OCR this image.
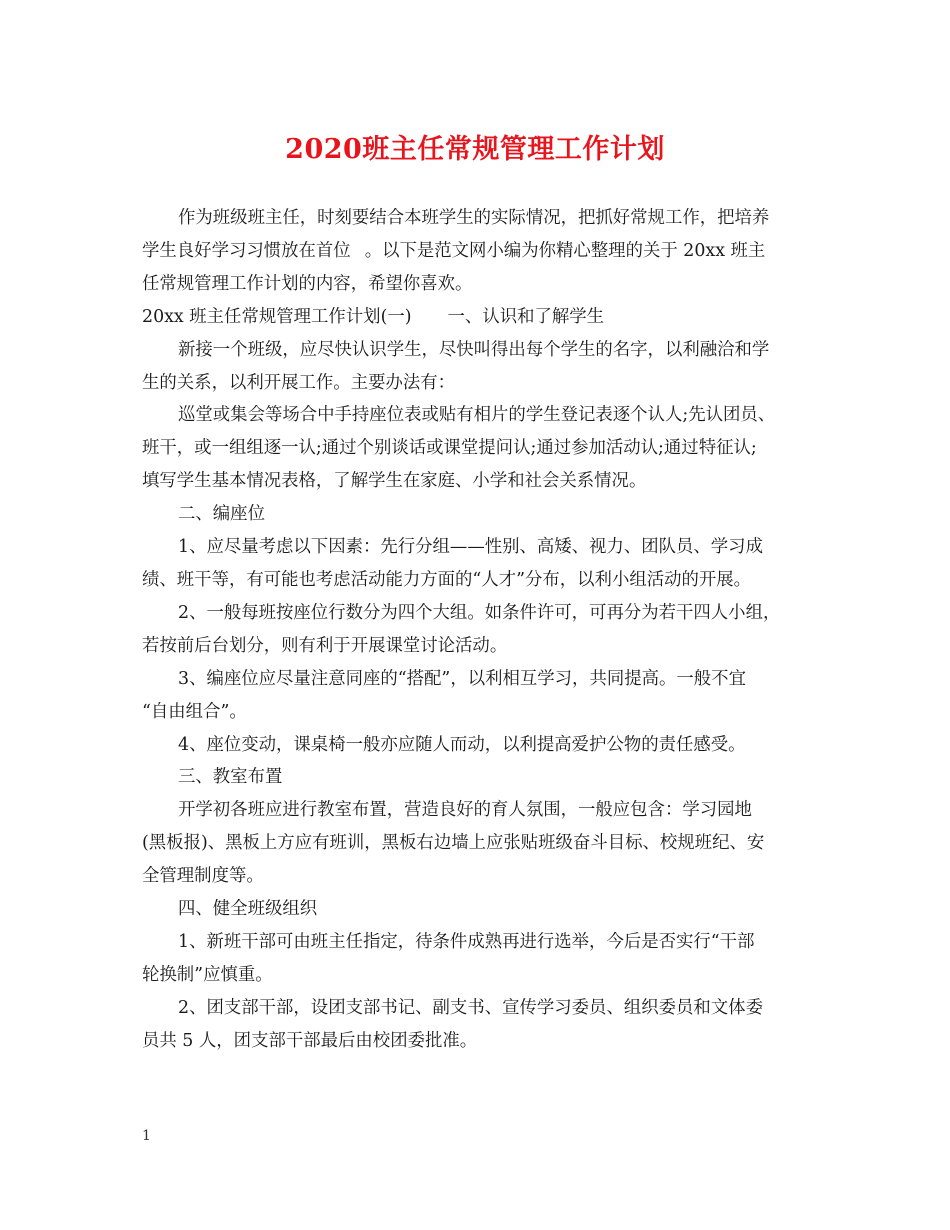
2020班主任常规管理工作计划
作为班级班主任，时刻要结合本班学生的实际情况，把抓好常规工作，把培养
学生良好学习习惯放在首位 。以下是范文网小编为你精心整理的关于 20xx 班主
任常规管理工作计划的内容，希望你喜欢。
20xx 班主任常规管理工作计划(一) 一、认识和了解学生
新接一个班级，应尽快认识学生，尽快叫得出每个学生的名字，以利融洽和学
生的关系，以利开展工作。主要办法有：
巡堂或集会等场合中手持座位表或贴有相片的学生登记表逐个认人;先认团员、
班干，或一组组逐一认;通过个别谈话或课堂提问认;通过参加活动认;通过特征认;
填写学生基本情况表格，了解学生在家庭、小学和社会关系情况。
二、编座位
1、应尽量考虑以下因素：先行分组——性别、高矮、视力、团队员、学习成
绩、班干等，有可能也考虑活动能力方面的“人才”分布，以利小组活动的开展。
2、一般每班按座位行数分为四个大组。如条件许可，可再分为若干四人小组，
若按前后台划分，则有利于开展课堂讨论活动。
3、编座位应尽量注意同座的“搭配”，以利相互学习，共同提高。一般不宜
“自由组合”。
4、座位变动，课桌椅一般亦应随人而动，以利提高爱护公物的责任感受。
三、教室布置
开学初各班应进行教室布置，营造良好的育人氛围，一般应包含：学习园地
(黑板报)、黑板上方应有班训，黑板右边墙上应张贴班级奋斗目标、校规班纪、安
全管理制度等。
四、健全班级组织
1、新班干部可由班主任指定，待条件成熟再进行选举，今后是否实行“干部
轮换制”应慎重。
2、团支部干部，设团支部书记、副支书、宣传学习委员、组织委员和文体委
员共 5 人，团支部干部最后由校团委批准。
1
